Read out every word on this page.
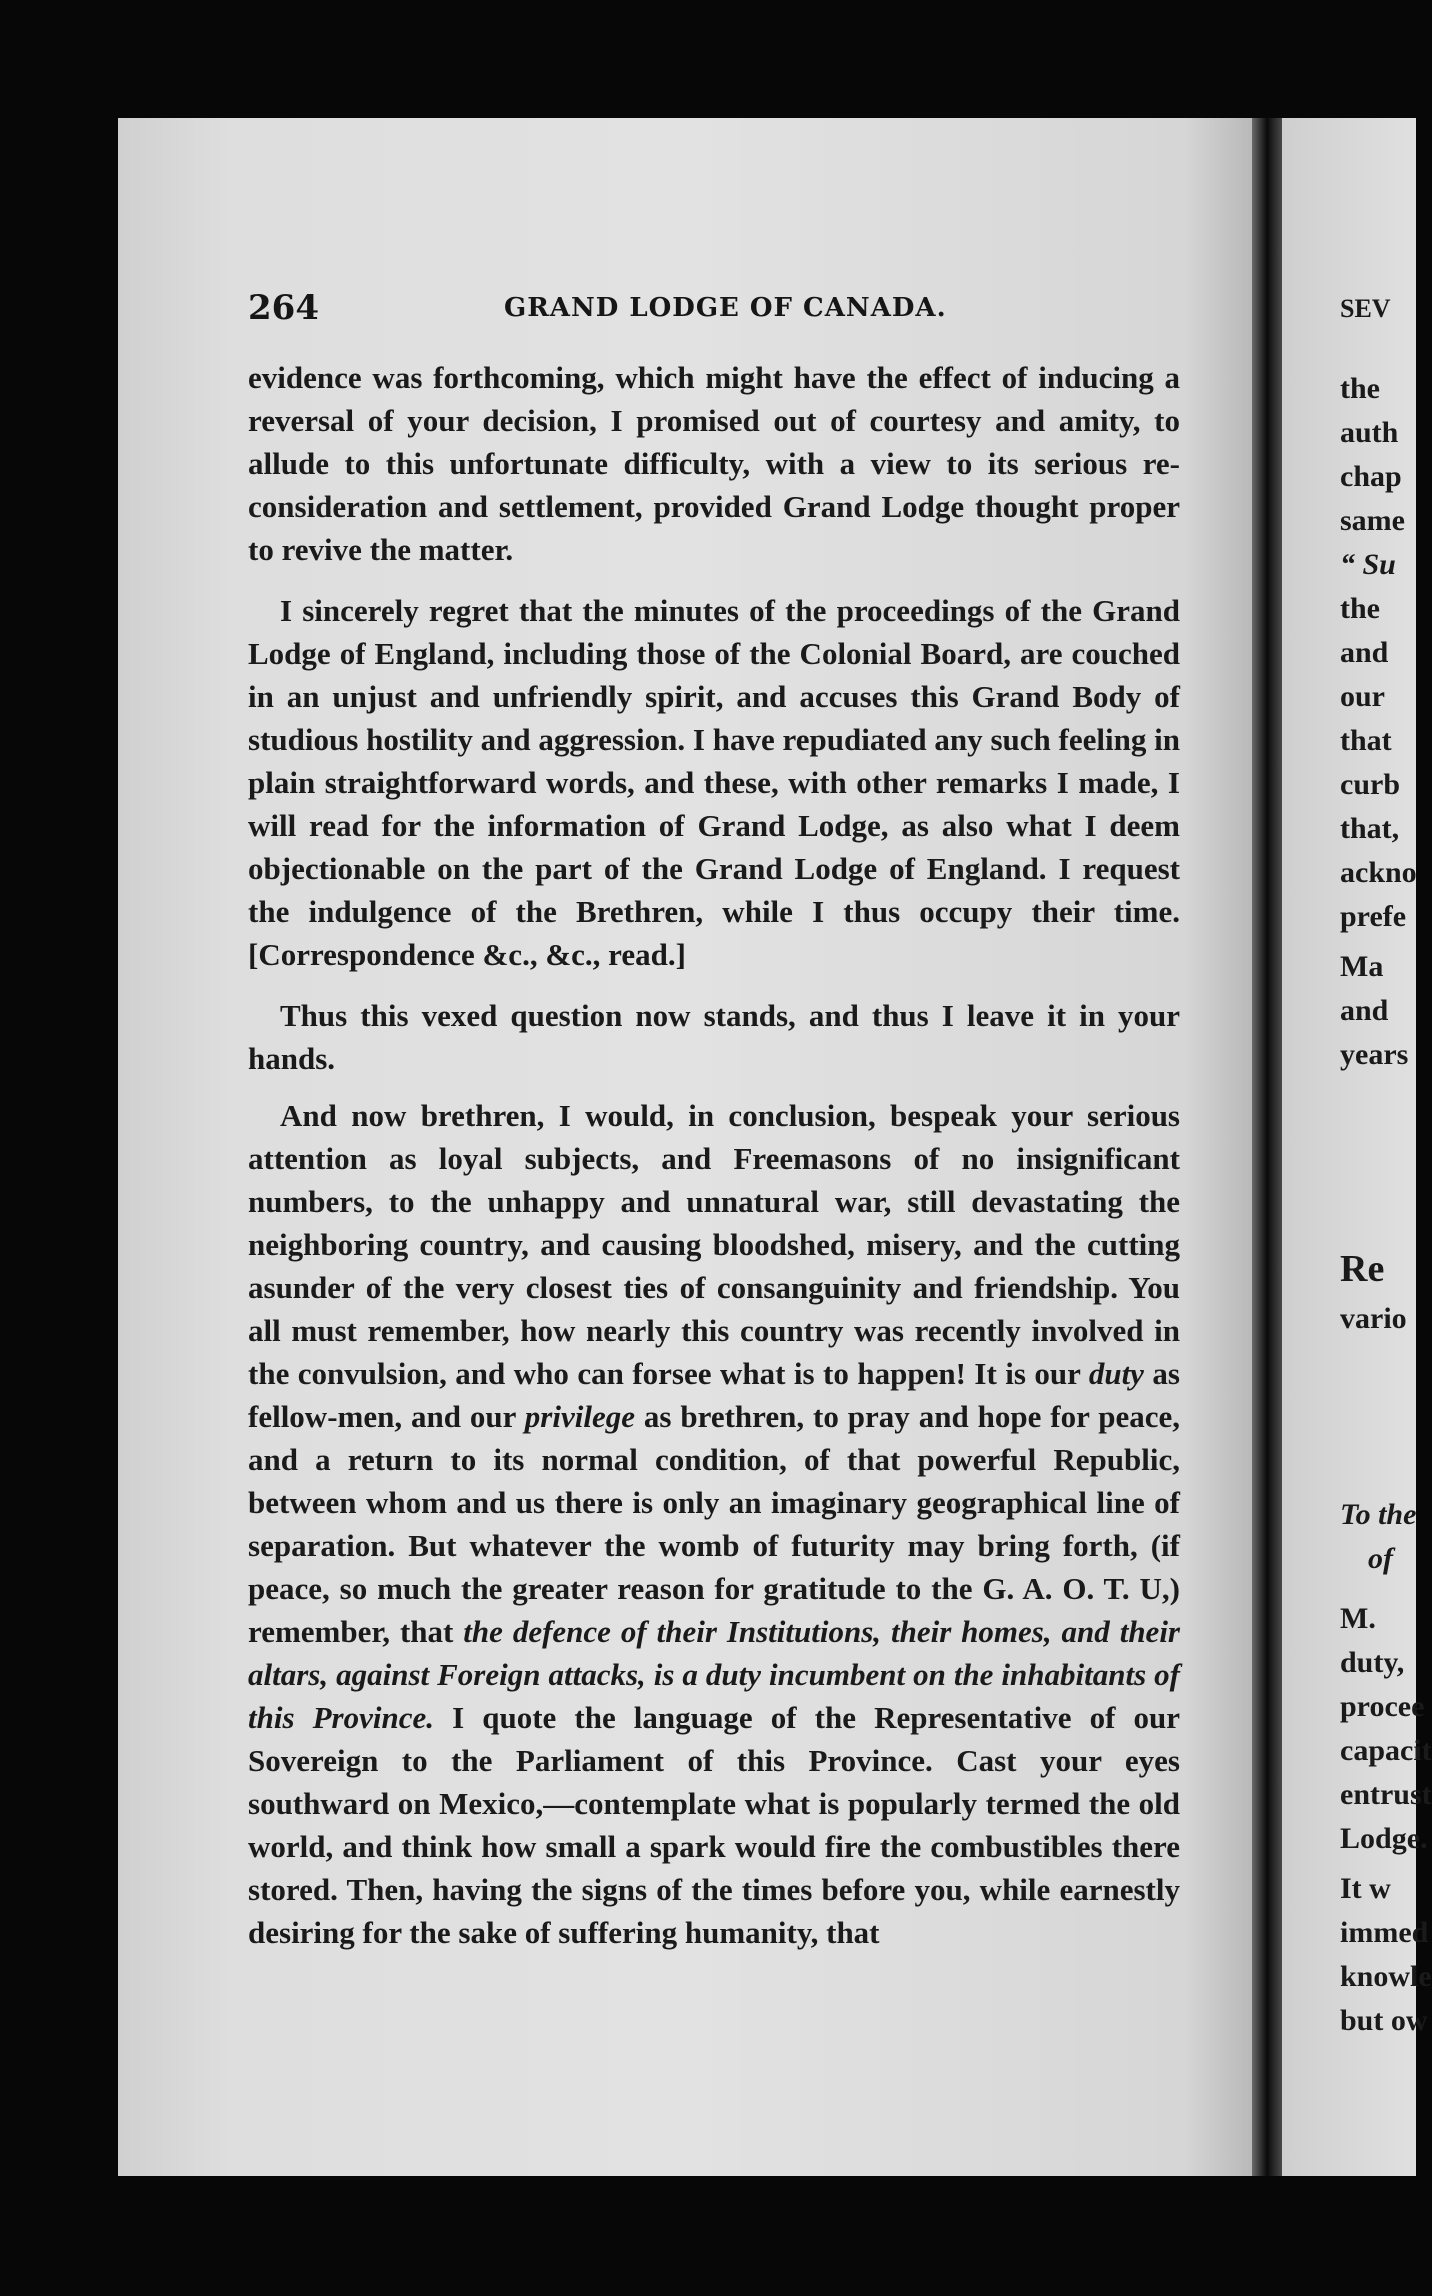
264	GRAND LODGE OF CANADA.

evidence was forthcoming, which might have the effect of inducing a reversal of your decision, I promised out of courtesy and amity, to allude to this unfortunate difficulty, with a view to its serious re-consideration and settlement, provided Grand Lodge thought proper to revive the matter.

I sincerely regret that the minutes of the proceedings of the Grand Lodge of England, including those of the Colonial Board, are couched in an unjust and unfriendly spirit, and accuses this Grand Body of studious hostility and aggression. I have repudiated any such feeling in plain straightforward words, and these, with other remarks I made, I will read for the information of Grand Lodge, as also what I deem objectionable on the part of the Grand Lodge of England. I request the indulgence of the Brethren, while I thus occupy their time. [Correspondence &c., &c., read.]

Thus this vexed question now stands, and thus I leave it in your hands.

And now brethren, I would, in conclusion, bespeak your serious attention as loyal subjects, and Freemasons of no insignificant numbers, to the unhappy and unnatural war, still devastating the neighboring country, and causing bloodshed, misery, and the cutting asunder of the very closest ties of consanguinity and friendship. You all must remember, how nearly this country was recently involved in the convulsion, and who can forsee what is to happen! It is our duty as fellow-men, and our privilege as brethren, to pray and hope for peace, and a return to its normal condition, of that powerful Republic, between whom and us there is only an imaginary geographical line of separation. But whatever the womb of futurity may bring forth, (if peace, so much the greater reason for gratitude to the G. A. O. T. U,) remember, that the defence of their Institutions, their homes, and their altars, against Foreign attacks, is a duty incumbent on the inhabitants of this Province. I quote the language of the Representative of our Sovereign to the Parliament of this Province. Cast your eyes southward on Mexico,—contemplate what is popularly termed the old world, and think how small a spark would fire the combustibles there stored. Then, having the signs of the times before you, while earnestly desiring for the sake of suffering humanity, that

SEV
the
auth
chap
same
“ Su
the
and
our
that
curb
that,
ackno
prefe
Ma
and
years
Re
vario
To the
of
M.
duty,
procee
capacit
entrust
Lodge.
It w
immed
knowle
but ow
